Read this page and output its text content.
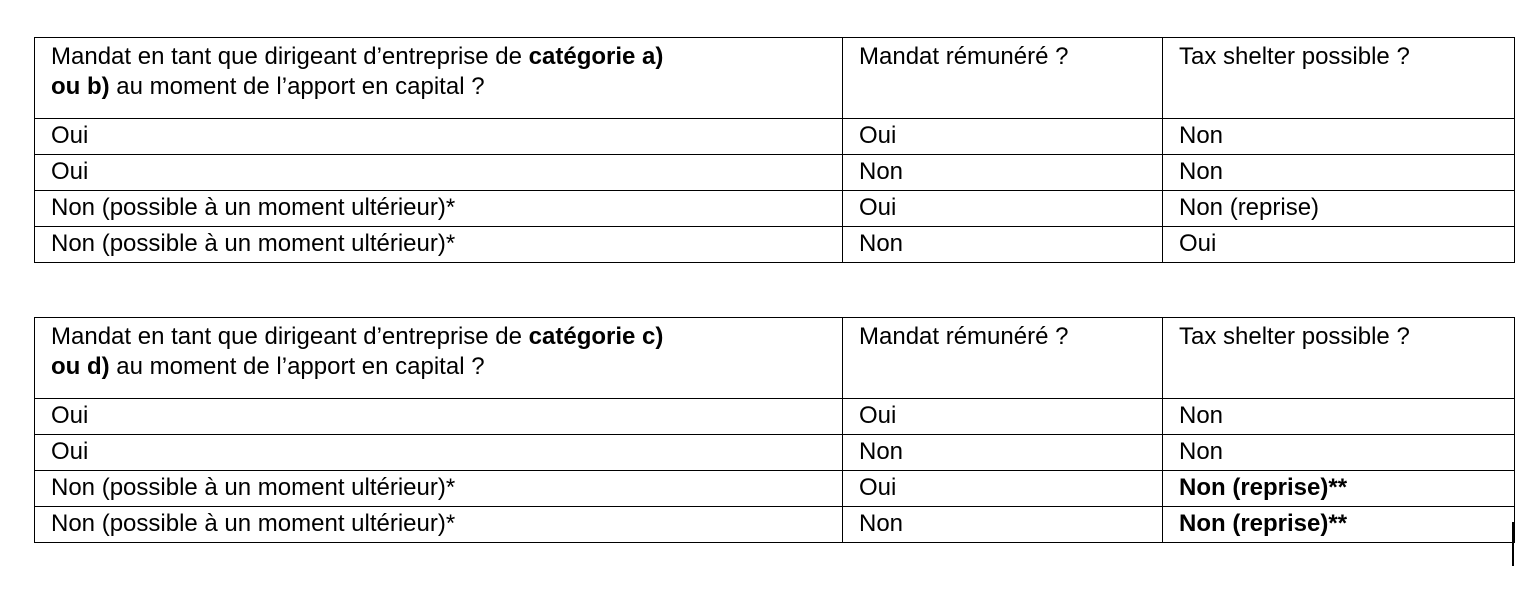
Mandat en tant que dirigeant d’entreprise de catégorie a)
ou b) au moment de l’apport en capital ?	Mandat rémunéré ?	Tax shelter possible ?
Oui	Oui	Non
Oui	Non	Non
Non (possible à un moment ultérieur)*	Oui	Non (reprise)
Non (possible à un moment ultérieur)*	Non	Oui
Mandat en tant que dirigeant d’entreprise de catégorie c)
ou d) au moment de l’apport en capital ?	Mandat rémunéré ?	Tax shelter possible ?
Oui	Oui	Non
Oui	Non	Non
Non (possible à un moment ultérieur)*	Oui	Non (reprise)**
Non (possible à un moment ultérieur)*	Non	Non (reprise)**
